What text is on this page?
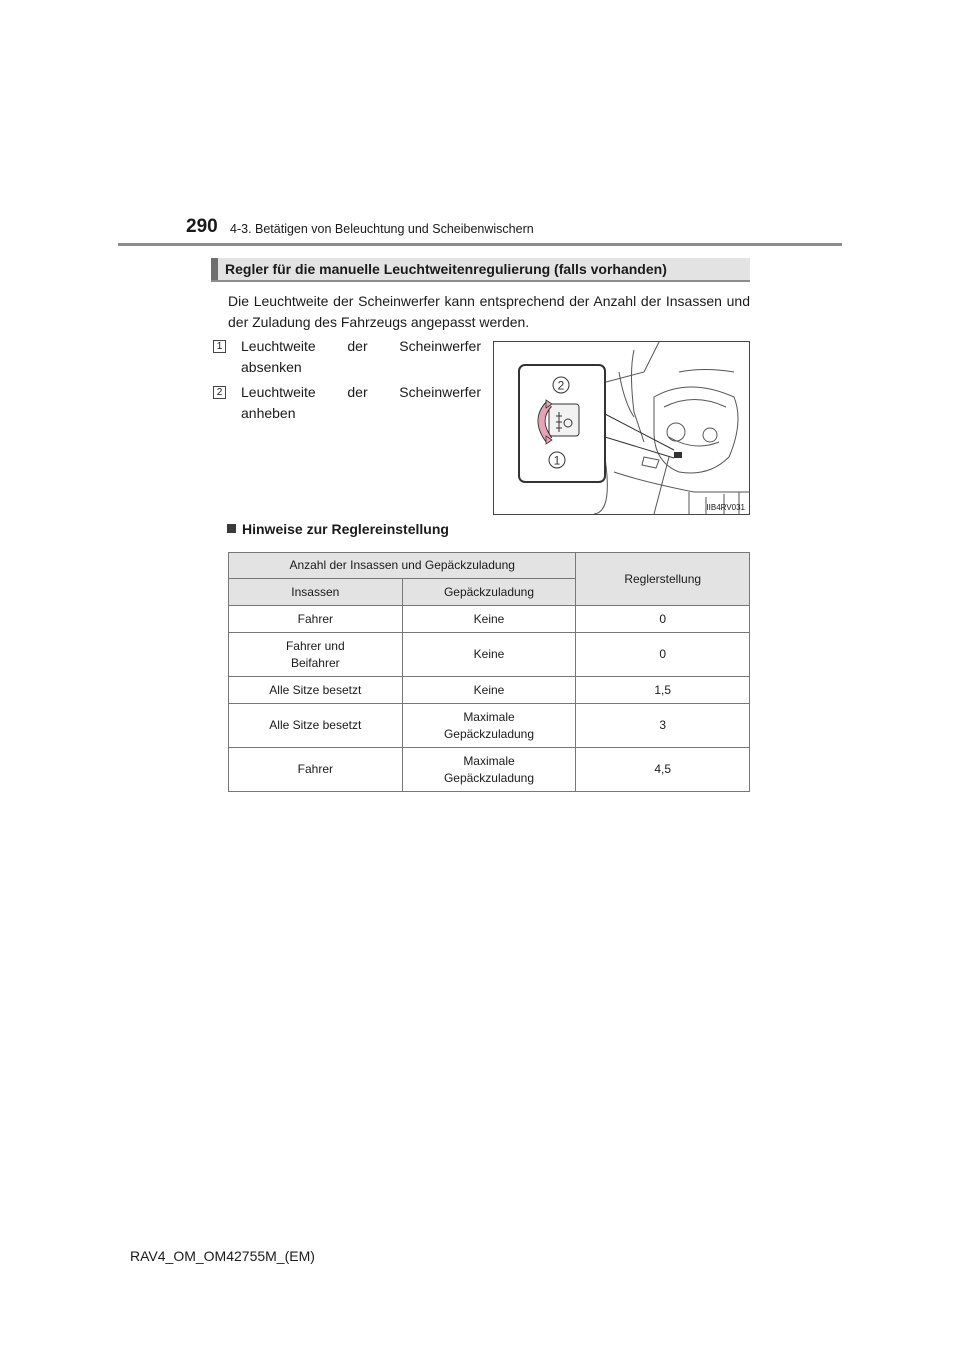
290 4-3. Betätigen von Beleuchtung und Scheibenwischern
Regler für die manuelle Leuchtweitenregulierung (falls vorhanden)
Die Leuchtweite der Scheinwerfer kann entsprechend der Anzahl der Insassen und der Zuladung des Fahrzeugs angepasst werden.
1 Leuchtweite der Scheinwerfer
absenken
2 Leuchtweite der Scheinwerfer
anheben
2
1
IIB4RV031
Hinweise zur Reglereinstellung
Anzahl der Insassen und Gepäckzuladung		Reglerstellung
Insassen	Gepäckzuladung	
Fahrer	Keine	0

Fahrer und Beifahrer	Keine	0
Alle Sitze besetzt	Keine	1,5
Alle Sitze besetzt	Maximale Gepäckzuladung	3
Fahrer	Maximale Gepäckzuladung	4,5
RAV4_OM_OM42755M_(EM)
